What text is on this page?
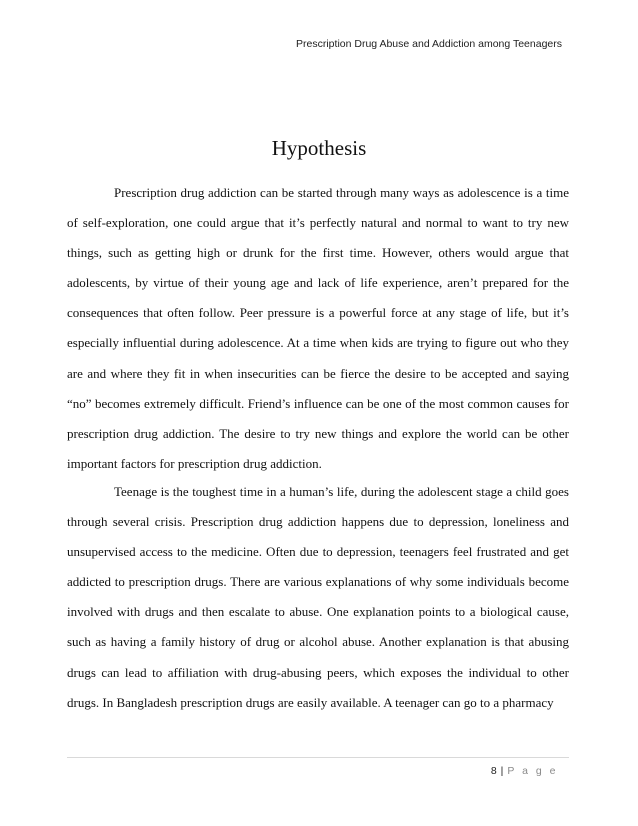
Prescription Drug Abuse and Addiction among Teenagers
Hypothesis

Prescription drug addiction can be started through many ways as adolescence is a time of self-exploration, one could argue that it’s perfectly natural and normal to want to try new things, such as getting high or drunk for the first time. However, others would argue that adolescents, by virtue of their young age and lack of life experience, aren’t prepared for the consequences that often follow. Peer pressure is a powerful force at any stage of life, but it’s especially influential during adolescence. At a time when kids are trying to figure out who they are and where they fit in when insecurities can be fierce the desire to be accepted and saying “no” becomes extremely difficult. Friend’s influence can be one of the most common causes for prescription drug addiction. The desire to try new things and explore the world can be other important factors for prescription drug addiction.

Teenage is the toughest time in a human’s life, during the adolescent stage a child goes through several crisis. Prescription drug addiction happens due to depression, loneliness and unsupervised access to the medicine. Often due to depression, teenagers feel frustrated and get addicted to prescription drugs. There are various explanations of why some individuals become involved with drugs and then escalate to abuse. One explanation points to a biological cause, such as having a family history of drug or alcohol abuse. Another explanation is that abusing drugs can lead to affiliation with drug-abusing peers, which exposes the individual to other drugs. In Bangladesh prescription drugs are easily available. A teenager can go to a pharmacy

8 | P a g e
